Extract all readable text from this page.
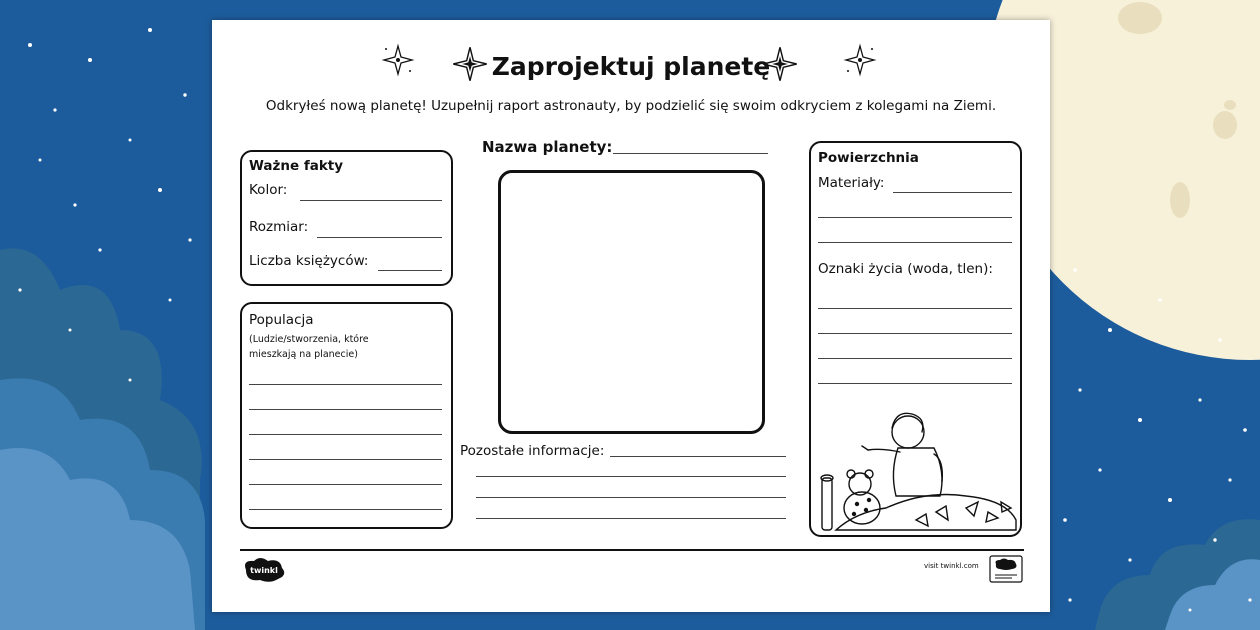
Zaprojektuj planetę
Odkryłeś nową planetę! Uzupełnij raport astronauty, by podzielić się swoim odkryciem z kolegami na Ziemi.
Ważne fakty
Kolor:
Rozmiar:
Liczba księżyców:
Populacja
(Ludzie/stworzenia, które mieszkają na planecie)
Nazwa planety:
Pozostałe informacje:
Powierzchnia
Materiały:
Oznaki życia (woda, tlen):
twinkl	visit twinkl.com
